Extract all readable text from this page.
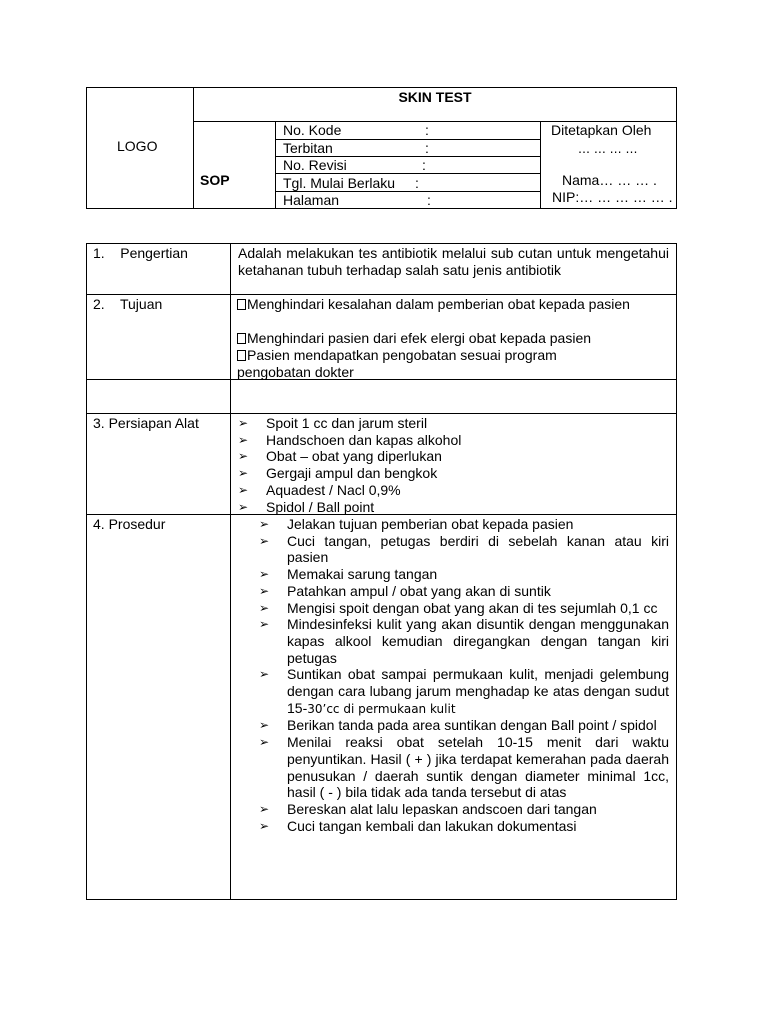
LOGO
SKIN TEST
SOP
No. Kode	:
Terbitan	:
No. Revisi	:
Tgl. Mulai Berlaku :
Halaman	:
Ditetapkan Oleh
… … … …
Nama… … … .
NIP:… … … … … .
1.    Pengertian	Adalah melakukan tes antibiotik melalui sub cutan untuk mengetahui ketahanan tubuh terhadap salah satu jenis antibiotik
2.    Tujuan	Menghindari kesalahan dalam pemberian obat kepada pasien
Menghindari pasien dari efek elergi obat kepada pasien
Pasien mendapatkan pengobatan sesuai program pengobatan dokter
3. Persiapan Alat	➢ Spoit 1 cc dan jarum steril
➢ Handschoen dan kapas alkohol
➢ Obat – obat yang diperlukan
➢ Gergaji ampul dan bengkok
➢ Aquadest / Nacl 0,9%
➢ Spidol / Ball point
4. Prosedur	➢ Jelakan tujuan pemberian obat kepada pasien
➢ Cuci tangan, petugas berdiri di sebelah kanan atau kiri pasien
➢ Memakai sarung tangan
➢ Patahkan ampul / obat yang akan di suntik
➢ Mengisi spoit dengan obat yang akan di tes sejumlah 0,1 cc
➢ Mindesinfeksi kulit yang akan disuntik dengan menggunakan kapas alkool kemudian diregangkan dengan tangan kiri petugas
➢ Suntikan obat sampai permukaan kulit, menjadi gelembung dengan cara lubang jarum menghadap ke atas dengan sudut 15-30’cc di permukaan kulit
➢ Berikan tanda pada area suntikan dengan Ball point / spidol
➢ Menilai reaksi obat setelah 10-15 menit dari waktu penyuntikan. Hasil ( + ) jika terdapat kemerahan pada daerah penusukan / daerah suntik dengan diameter minimal 1cc, hasil ( - ) bila tidak ada tanda tersebut di atas
➢ Bereskan alat lalu lepaskan andscoen dari tangan
➢ Cuci tangan kembali dan lakukan dokumentasi
